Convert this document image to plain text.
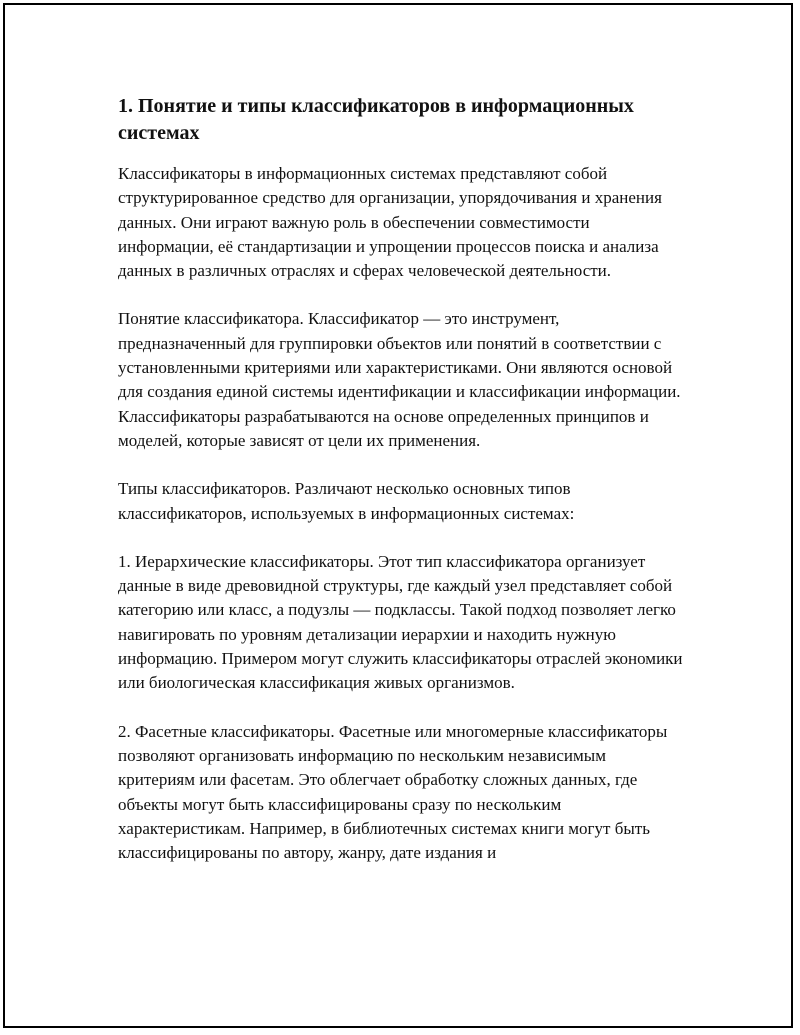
1. Понятие и типы классификаторов в информационных системах

Классификаторы в информационных системах представляют собой структурированное средство для организации, упорядочивания и хранения данных. Они играют важную роль в обеспечении совместимости информации, её стандартизации и упрощении процессов поиска и анализа данных в различных отраслях и сферах человеческой деятельности.

Понятие классификатора. Классификатор — это инструмент, предназначенный для группировки объектов или понятий в соответствии с установленными критериями или характеристиками. Они являются основой для создания единой системы идентификации и классификации информации. Классификаторы разрабатываются на основе определенных принципов и моделей, которые зависят от цели их применения.

Типы классификаторов. Различают несколько основных типов классификаторов, используемых в информационных системах:

1. Иерархические классификаторы. Этот тип классификатора организует данные в виде древовидной структуры, где каждый узел представляет собой категорию или класс, а подузлы — подклассы. Такой подход позволяет легко навигировать по уровням детализации иерархии и находить нужную информацию. Примером могут служить классификаторы отраслей экономики или биологическая классификация живых организмов.

2. Фасетные классификаторы. Фасетные или многомерные классификаторы позволяют организовать информацию по нескольким независимым критериям или фасетам. Это облегчает обработку сложных данных, где объекты могут быть классифицированы сразу по нескольким характеристикам. Например, в библиотечных системах книги могут быть классифицированы по автору, жанру, дате издания и
